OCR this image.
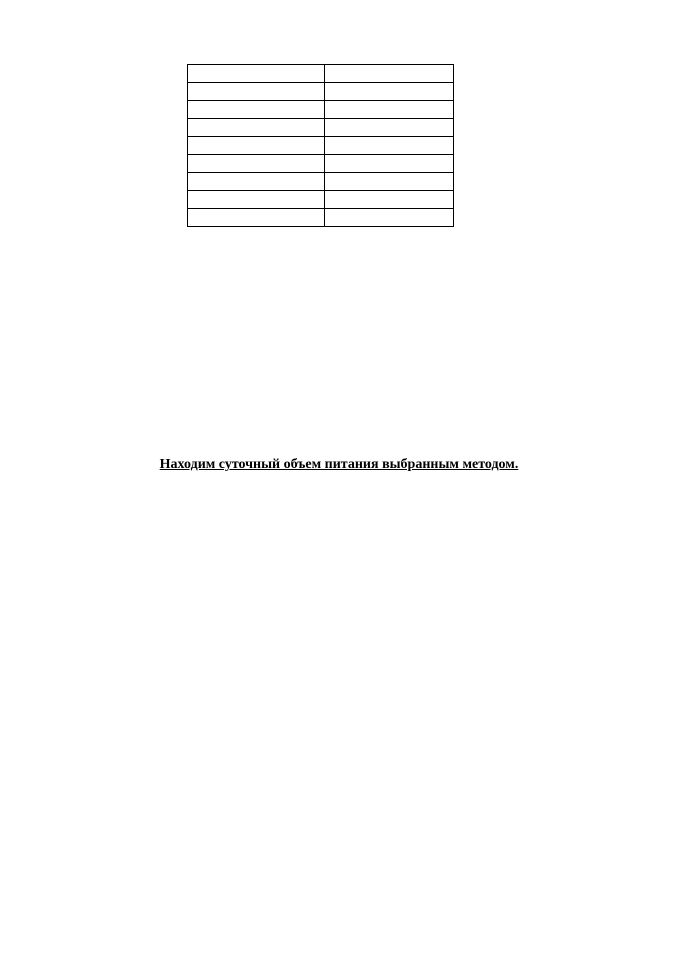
Находим суточный объем питания выбранным методом.
